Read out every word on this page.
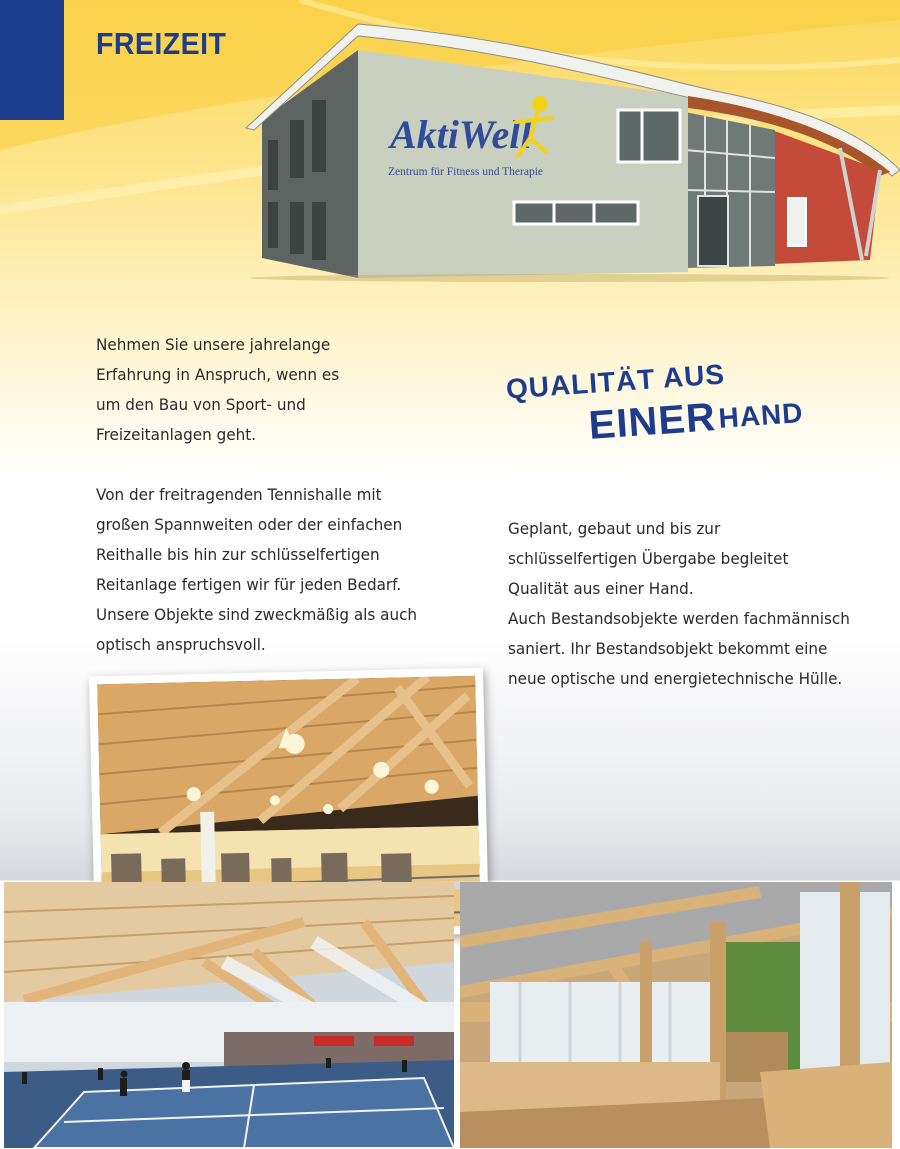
FREIZEIT
AktiWell
Zentrum für Fitness und Therapie

Nehmen Sie unsere jahrelange Erfahrung in Anspruch, wenn es um den Bau von Sport- und Freizeitanlagen geht.

Von der freitragenden Tennishalle mit großen Spannweiten oder der einfachen Reithalle bis hin zur schlüsselfertigen Reitanlage fertigen wir für jeden Bedarf. Unsere Objekte sind zweckmäßig als auch optisch anspruchsvoll.

QUALITÄT AUS
EINER HAND

Geplant, gebaut und bis zur schlüsselfertigen Übergabe begleitet Qualität aus einer Hand.

Auch Bestandsobjekte werden fachmännisch saniert. Ihr Bestandsobjekt bekommt eine neue optische und energietechnische Hülle.
